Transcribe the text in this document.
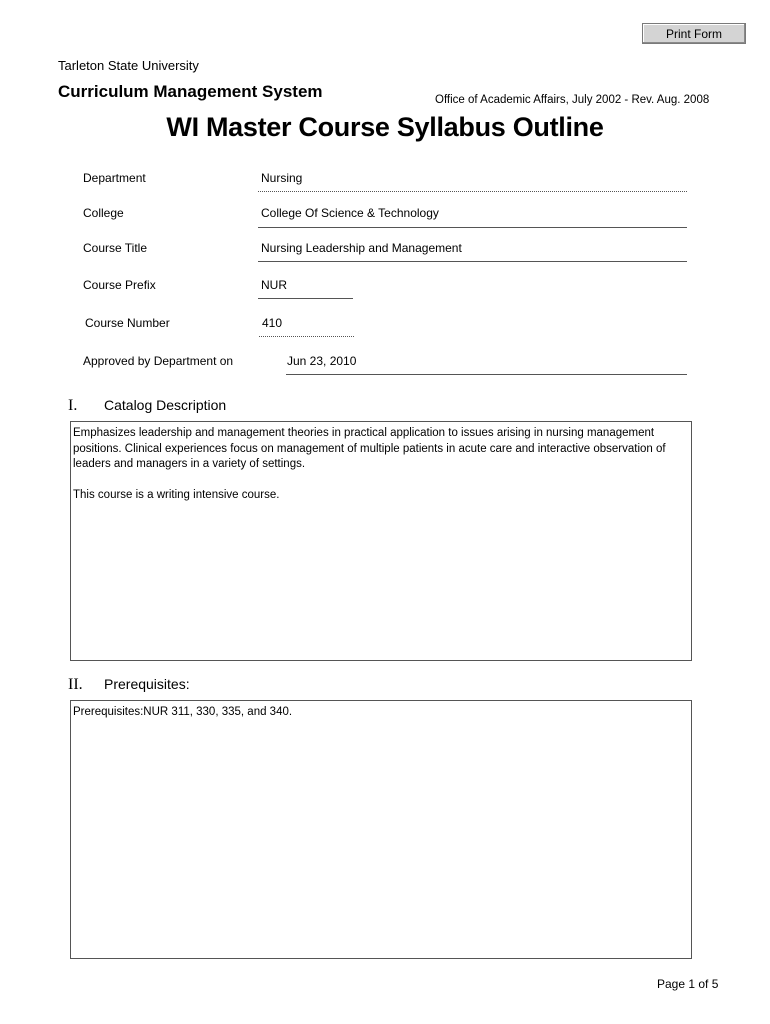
Print Form
Tarleton State University
Curriculum Management System	Office of Academic Affairs, July 2002 - Rev. Aug. 2008
WI Master Course Syllabus Outline
Department	Nursing
College	College Of Science & Technology
Course Title	Nursing Leadership and Management
Course Prefix	NUR
Course Number	410
Approved by Department on	Jun 23, 2010
I. Catalog Description

Emphasizes leadership and management theories in practical application to issues arising in nursing management positions. Clinical experiences focus on management of multiple patients in acute care and interactive observation of leaders and managers in a variety of settings.

This course is a writing intensive course.

II. Prerequisites:

Prerequisites:NUR 311, 330, 335, and 340.

Page 1 of 5
